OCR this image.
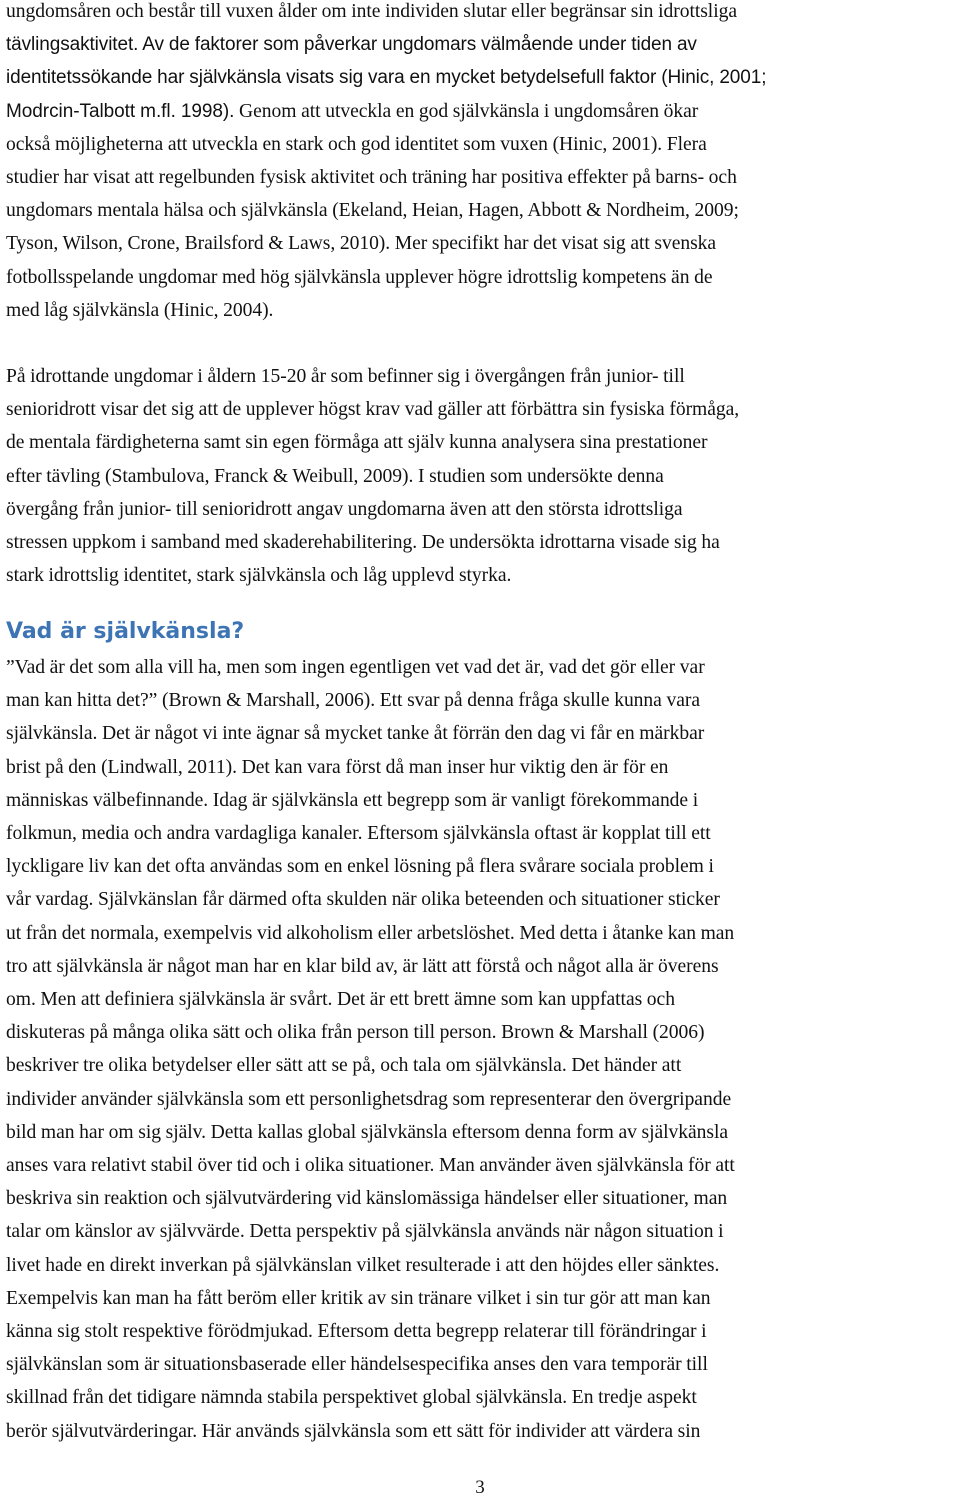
ungdomsåren och består till vuxen ålder om inte individen slutar eller begränsar sin idrottsliga
tävlingsaktivitet. Av de faktorer som påverkar ungdomars välmående under tiden av
identitetssökande har självkänsla visats sig vara en mycket betydelsefull faktor (Hinic, 2001;
Modrcin-Talbott m.fl. 1998). Genom att utveckla en god självkänsla i ungdomsåren ökar
också möjligheterna att utveckla en stark och god identitet som vuxen (Hinic, 2001). Flera
studier har visat att regelbunden fysisk aktivitet och träning har positiva effekter på barns- och
ungdomars mentala hälsa och självkänsla (Ekeland, Heian, Hagen, Abbott & Nordheim, 2009;
Tyson, Wilson, Crone, Brailsford & Laws, 2010). Mer specifikt har det visat sig att svenska
fotbollsspelande ungdomar med hög självkänsla upplever högre idrottslig kompetens än de
med låg självkänsla (Hinic, 2004).

På idrottande ungdomar i åldern 15-20 år som befinner sig i övergången från junior- till
senioridrott visar det sig att de upplever högst krav vad gäller att förbättra sin fysiska förmåga,
de mentala färdigheterna samt sin egen förmåga att själv kunna analysera sina prestationer
efter tävling (Stambulova, Franck & Weibull, 2009). I studien som undersökte denna
övergång från junior- till senioridrott angav ungdomarna även att den största idrottsliga
stressen uppkom i samband med skaderehabilitering. De undersökta idrottarna visade sig ha
stark idrottslig identitet, stark självkänsla och låg upplevd styrka.

Vad är självkänsla?

”Vad är det som alla vill ha, men som ingen egentligen vet vad det är, vad det gör eller var
man kan hitta det?” (Brown & Marshall, 2006). Ett svar på denna fråga skulle kunna vara
självkänsla. Det är något vi inte ägnar så mycket tanke åt förrän den dag vi får en märkbar
brist på den (Lindwall, 2011). Det kan vara först då man inser hur viktig den är för en
människas välbefinnande. Idag är självkänsla ett begrepp som är vanligt förekommande i
folkmun, media och andra vardagliga kanaler. Eftersom självkänsla oftast är kopplat till ett
lyckligare liv kan det ofta användas som en enkel lösning på flera svårare sociala problem i
vår vardag. Självkänslan får därmed ofta skulden när olika beteenden och situationer sticker
ut från det normala, exempelvis vid alkoholism eller arbetslöshet. Med detta i åtanke kan man
tro att självkänsla är något man har en klar bild av, är lätt att förstå och något alla är överens
om. Men att definiera självkänsla är svårt. Det är ett brett ämne som kan uppfattas och
diskuteras på många olika sätt och olika från person till person. Brown & Marshall (2006)
beskriver tre olika betydelser eller sätt att se på, och tala om självkänsla. Det händer att
individer använder självkänsla som ett personlighetsdrag som representerar den övergripande
bild man har om sig själv. Detta kallas global självkänsla eftersom denna form av självkänsla
anses vara relativt stabil över tid och i olika situationer. Man använder även självkänsla för att
beskriva sin reaktion och självutvärdering vid känslomässiga händelser eller situationer, man
talar om känslor av självvärde. Detta perspektiv på självkänsla används när någon situation i
livet hade en direkt inverkan på självkänslan vilket resulterade i att den höjdes eller sänktes.
Exempelvis kan man ha fått beröm eller kritik av sin tränare vilket i sin tur gör att man kan
känna sig stolt respektive förödmjukad. Eftersom detta begrepp relaterar till förändringar i
självkänslan som är situationsbaserade eller händelsespecifika anses den vara temporär till
skillnad från det tidigare nämnda stabila perspektivet global självkänsla. En tredje aspekt
berör självutvärderingar. Här används självkänsla som ett sätt för individer att värdera sin

3
